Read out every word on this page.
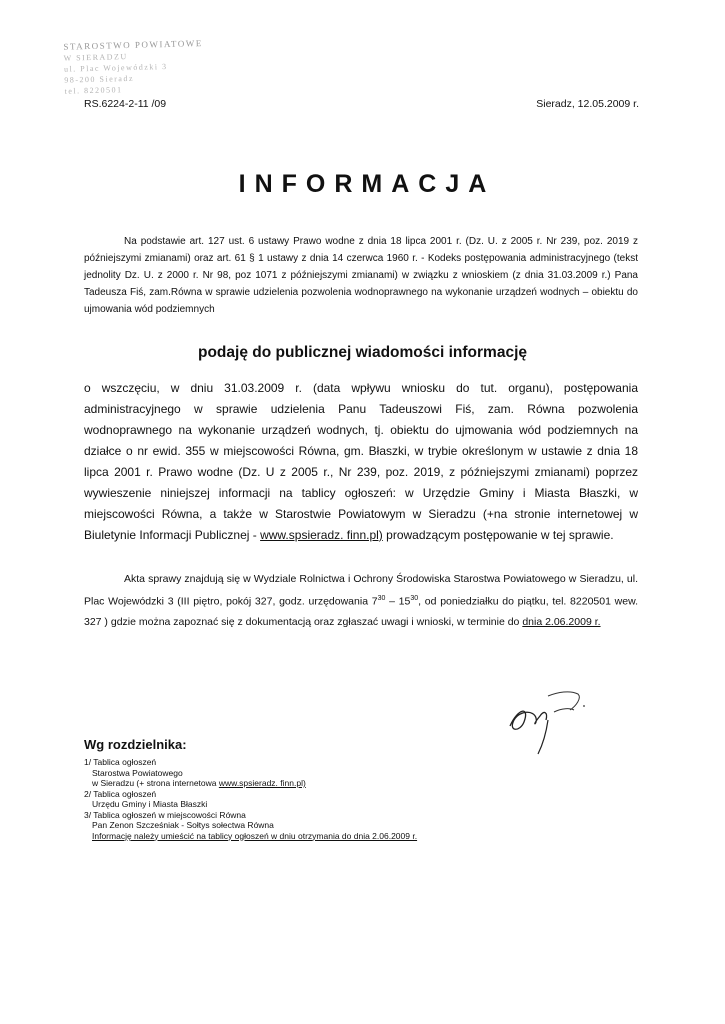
STAROSTWO POWIATOWE
W SIERADZU
ul. Plac Wojewódzki 3
98-200 Sieradz
tel. 8220501
RS.6224-2-11 /09	Sieradz, 12.05.2009 r.
INFORMACJA
Na podstawie art. 127 ust. 6 ustawy Prawo wodne z dnia 18 lipca 2001 r. (Dz. U. z 2005 r. Nr 239, poz. 2019 z późniejszymi zmianami) oraz art. 61 § 1 ustawy z dnia 14 czerwca 1960 r. - Kodeks postępowania administracyjnego (tekst jednolity Dz. U. z 2000 r. Nr 98, poz 1071 z późniejszymi zmianami) w związku z wnioskiem (z dnia 31.03.2009 r.) Pana Tadeusza Fiś, zam.Równa w sprawie udzielenia pozwolenia wodnoprawnego na wykonanie urządzeń wodnych – obiektu do ujmowania wód podziemnych
podaję do publicznej wiadomości informację
o wszczęciu, w dniu 31.03.2009 r. (data wpływu wniosku do tut. organu), postępowania administracyjnego w sprawie udzielenia Panu Tadeuszowi Fiś, zam. Równa pozwolenia wodnoprawnego na wykonanie urządzeń wodnych, tj. obiektu do ujmowania wód podziemnych na działce o nr ewid. 355 w miejscowości Równa, gm. Błaszki, w trybie określonym w ustawie z dnia 18 lipca 2001 r. Prawo wodne (Dz. U z 2005 r., Nr 239, poz. 2019, z późniejszymi zmianami) poprzez wywieszenie niniejszej informacji na tablicy ogłoszeń: w Urzędzie Gminy i Miasta Błaszki, w miejscowości Równa, a także w Starostwie Powiatowym w Sieradzu (+na stronie internetowej w Biuletynie Informacji Publicznej - www.spsieradz. finn.pl) prowadzącym postępowanie w tej sprawie.
Akta sprawy znajdują się w Wydziale Rolnictwa i Ochrony Środowiska Starostwa Powiatowego w Sieradzu, ul. Plac Wojewódzki 3 (III piętro, pokój 327, godz. urzędowania $7^{30} - 15^{30}$, od poniedziałku do piątku, tel. 8220501 wew. 327 ) gdzie można zapoznać się z dokumentacją oraz zgłaszać uwagi i wnioski, w terminie do dnia 2.06.2009 r.
Wg rozdzielnika:
1/ Tablica ogłoszeń
Starostwa Powiatowego
w Sieradzu (+ strona internetowa www.spsieradz. finn.pl)
2/ Tablica ogłoszeń
Urzędu Gminy i Miasta Błaszki
3/ Tablica ogłoszeń w miejscowości Równa
Pan Zenon Szcześniak - Sołtys sołectwa Równa
Informację należy umieścić na tablicy ogłoszeń w dniu otrzymania do dnia 2.06.2009 r.
